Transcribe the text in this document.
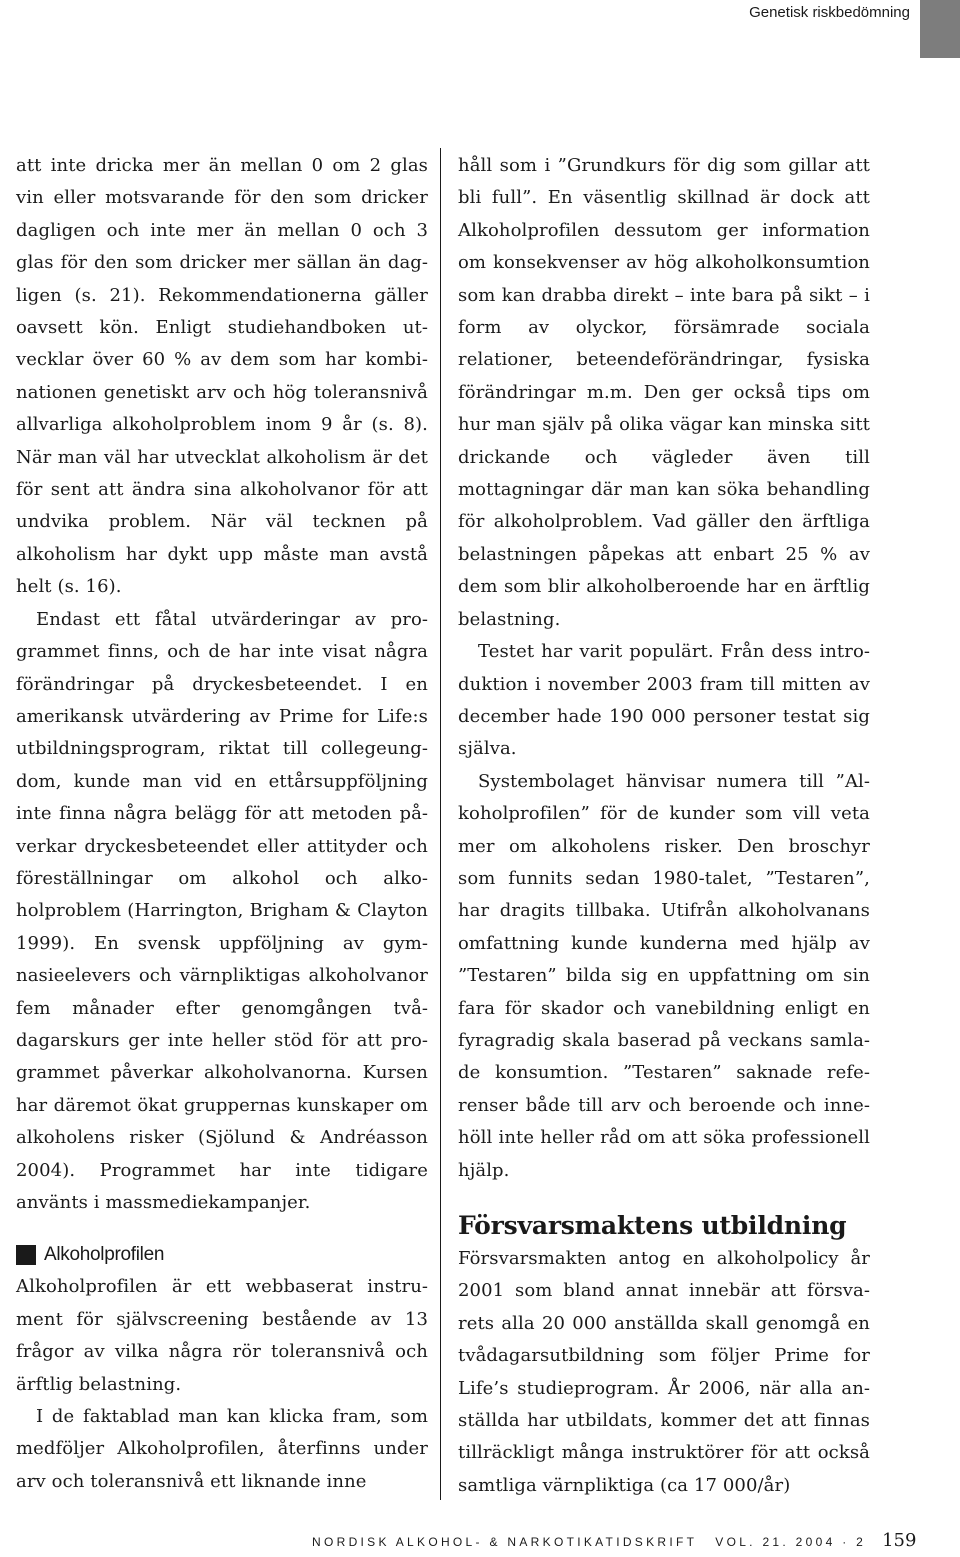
Genetisk riskbedömning

att inte dricka mer än mellan 0 om 2 glas vin eller motsvarande för den som dricker dagligen och inte mer än mellan 0 och 3 glas för den som dricker mer sällan än dagligen (s. 21). Rekommendationerna gäller oavsett kön. Enligt studiehandboken utvecklar över 60 % av dem som har kombinationen genetiskt arv och hög toleransnivå allvarliga alkoholproblem inom 9 år (s. 8). När man väl har utvecklat alkoholism är det för sent att ändra sina alkoholvanor för att undvika problem. När väl tecknen på alkoholism har dykt upp måste man avstå helt (s. 16).

Endast ett fåtal utvärderingar av programmet finns, och de har inte visat några förändringar på dryckesbeteendet. I en amerikansk utvärdering av Prime for Life:s utbildningsprogram, riktat till collegeungdom, kunde man vid en ettårsuppföljning inte finna några belägg för att metoden påverkar dryckesbeteendet eller attityder och föreställningar om alkohol och alkoholproblem (Harrington, Brigham & Clayton 1999). En svensk uppföljning av gymnasieelevers och värnpliktigas alkoholvanor fem månader efter genomgången tvådagarskurs ger inte heller stöd för att programmet påverkar alkoholvanorna. Kursen har däremot ökat gruppernas kunskaper om alkoholens risker (Sjölund & Andréasson 2004). Programmet har inte tidigare använts i massmediekampanjer.

Alkoholprofilen

Alkoholprofilen är ett webbaserat instrument för självscreening bestående av 13 frågor av vilka några rör toleransnivå och ärftlig belastning.

I de faktablad man kan klicka fram, som medföljer Alkoholprofilen, återfinns under arv och toleransnivå ett liknande inne

håll som i ”Grundkurs för dig som gillar att bli full”. En väsentlig skillnad är dock att Alkoholprofilen dessutom ger information om konsekvenser av hög alkoholkonsumtion som kan drabba direkt – inte bara på sikt – i form av olyckor, försämrade sociala relationer, beteendeförändringar, fysiska förändringar m.m. Den ger också tips om hur man själv på olika vägar kan minska sitt drickande och vägleder även till mottagningar där man kan söka behandling för alkoholproblem. Vad gäller den ärftliga belastningen påpekas att enbart 25 % av dem som blir alkoholberoende har en ärftlig belastning.

Testet har varit populärt. Från dess introduktion i november 2003 fram till mitten av december hade 190 000 personer testat sig själva.

Systembolaget hänvisar numera till ”Alkoholprofilen” för de kunder som vill veta mer om alkoholens risker. Den broschyr som funnits sedan 1980-talet, ”Testaren”, har dragits tillbaka. Utifrån alkoholvanans omfattning kunde kunderna med hjälp av ”Testaren” bilda sig en uppfattning om sin fara för skador och vanebildning enligt en fyragradig skala baserad på veckans samlade konsumtion. ”Testaren” saknade referenser både till arv och beroende och innehöll inte heller råd om att söka professionell hjälp.

Försvarsmaktens utbildning

Försvarsmakten antog en alkoholpolicy år 2001 som bland annat innebär att försvarets alla 20 000 anställda skall genomgå en tvådagarsutbildning som följer Prime for Life’s studieprogram. År 2006, när alla anställda har utbildats, kommer det att finnas tillräckligt många instruktörer för att också samtliga värnpliktiga (ca 17 000/år)

NORDISK ALKOHOL- & NARKOTIKATIDSKRIFT VOL. 21. 2004 · 2 159
